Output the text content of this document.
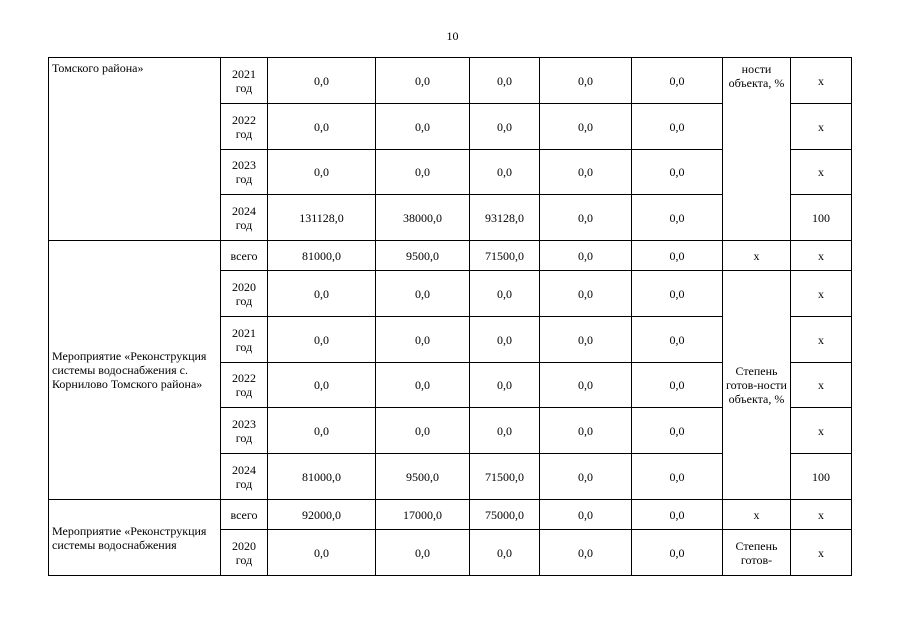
10
Томского района»	2021 год	0,0	0,0	0,0	0,0	0,0	ности объекта, %	х
	2022 год	0,0	0,0	0,0	0,0	0,0		х
	2023 год	0,0	0,0	0,0	0,0	0,0		х
	2024 год	131128,0	38000,0	93128,0	0,0	0,0		100
Мероприятие «Реконструкция системы водоснабжения с. Корнилово Томского района»	всего	81000,0	9500,0	71500,0	0,0	0,0	х	х
	2020 год	0,0	0,0	0,0	0,0	0,0	Степень готов-ности объекта, %	х
	2021 год	0,0	0,0	0,0	0,0	0,0		х
	2022 год	0,0	0,0	0,0	0,0	0,0		х
	2023 год	0,0	0,0	0,0	0,0	0,0		х
	2024 год	81000,0	9500,0	71500,0	0,0	0,0		100
Мероприятие «Реконструкция системы водоснабжения	всего	92000,0	17000,0	75000,0	0,0	0,0	х	х
	2020 год	0,0	0,0	0,0	0,0	0,0	Степень готов-	х
